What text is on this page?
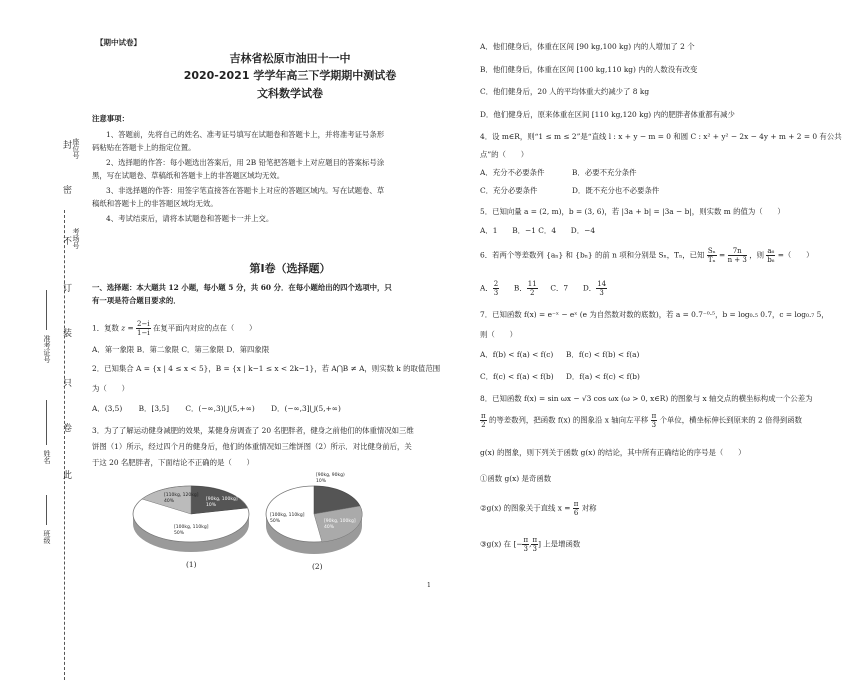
【期中试卷】
吉林省松原市油田十一中
2020-2021 学学年高三下学期期中测试卷
文科数学试卷
封
密
不
订
装
只
卷
此
座位号
考场号
准考证号
姓名
班级
注意事项：
1、答题前，先将自己的姓名、准考证号填写在试题卷和答题卡上，并将准考证号条形
码粘贴在答题卡上的指定位置。
2、选择题的作答：每小题选出答案后，用 2B 铅笔把答题卡上对应题目的答案标号涂
黑，写在试题卷、草稿纸和答题卡上的非答题区域均无效。
3、非选择题的作答：用签字笔直接答在答题卡上对应的答题区域内。写在试题卷、草
稿纸和答题卡上的非答题区域均无效。
4、考试结束后，请将本试题卷和答题卡一并上交。
第Ⅰ卷（选择题）
一、选择题：本大题共 12 小题，每小题 5 分，共 60 分．在每小题给出的四个选项中，只
有一项是符合题目要求的．
1．复数 $z = \frac{2-i}{1-i}$ 在复平面内对应的点在（　　）
A．第一象限 B．第二象限 C．第三象限 D．第四象限
2．已知集合 A = {x | 4 ≤ x < 5}，B = {x | k−1 ≤ x < 2k−1}，若 A⋂B ≠ A，则实数 k 的取值范围
为（　　）
A．(3,5) B．[3,5] C．(−∞,3)⋃(5,+∞) D．(−∞,3]⋃(5,+∞)
3．为了了解运动健身减肥的效果，某健身房调查了 20 名肥胖者，健身之前他们的体重情况如三维
饼图（1）所示，经过四个月的健身后，他们的体重情况如三维饼图（2）所示．对比健身前后，关
于这 20 名肥胖者，下面结论不正确的是（　　）
[110kg, 120kg] 40%
[100kg, 110kg] 50%
[90kg, 100kg] 10%
(1)
[90kg, 90kg) 10%
[100kg, 110kg] 50%	[90kg, 100kg] 40%
(2)
A．他们健身后，体重在区间 [90 kg,100 kg) 内的人增加了 2 个
B．他们健身后，体重在区间 [100 kg,110 kg) 内的人数没有改变
C．他们健身后，20 人的平均体重大约减少了 8 kg
D．他们健身后，原来体重在区间 [110 kg,120 kg) 内的肥胖者体重都有减少
4．设 m∈R，则“1 ≤ m ≤ 2”是“直线 l : x + y − m = 0 和圆 C : x² + y² − 2x − 4y + m + 2 = 0 有公共
点”的（　　）
A．充分不必要条件	B．必要不充分条件
C．充分必要条件	D．既不充分也不必要条件
5．已知向量 a = (2, m)，b = (3, 6)，若 |3a + b| = |3a − b|，则实数 m 的值为（　　）
A．1　　B．−1 C．4　　D．−4
6．若两个等差数列 {aₙ} 和 {bₙ} 的前 n 项和分别是 Sₙ，Tₙ，已知 $\frac{\text{Sₙ}}{\text{Tₙ}} = \frac{7n}{n + 3}$ ，则 $\frac{\text{a₆}}{\text{b₆}}$ =（　　）
A． $\frac{2}{3}$ B． $\frac{11}{2}$ C．7 D． $\frac{14}{3}$
7．已知函数 f(x) = e⁻ˣ − eˣ (e 为自然数对数的底数)，若 a = 0.7⁻⁰·⁵，b = log₀.₅ 0.7，c = log₀.₇ 5，
则（　　）
A．f(b) < f(a) < f(c) B．f(c) < f(b) < f(a)
C．f(c) < f(a) < f(b) D．f(a) < f(c) < f(b)
8．已知函数 f(x) = sin ωx − √3 cos ωx (ω > 0, x∈R) 的图象与 x 轴交点的横坐标构成一个公差为
$\frac{\pi}{2}$ 的等差数列，把函数 f(x) 的图象沿 x 轴向左平移 $\frac{\pi}{3}$ 个单位，横坐标伸长到原来的 2 倍得到函数
g(x) 的图象，则下列关于函数 g(x) 的结论，其中所有正确结论的序号是（　　）
①函数 g(x) 是奇函数
②g(x) 的图象关于直线 $x = \frac{\pi}{6}$ 对称
③g(x) 在 [− $\frac{\pi}{3}$ , $\frac{\pi}{3}$ ] 上是增函数
1
